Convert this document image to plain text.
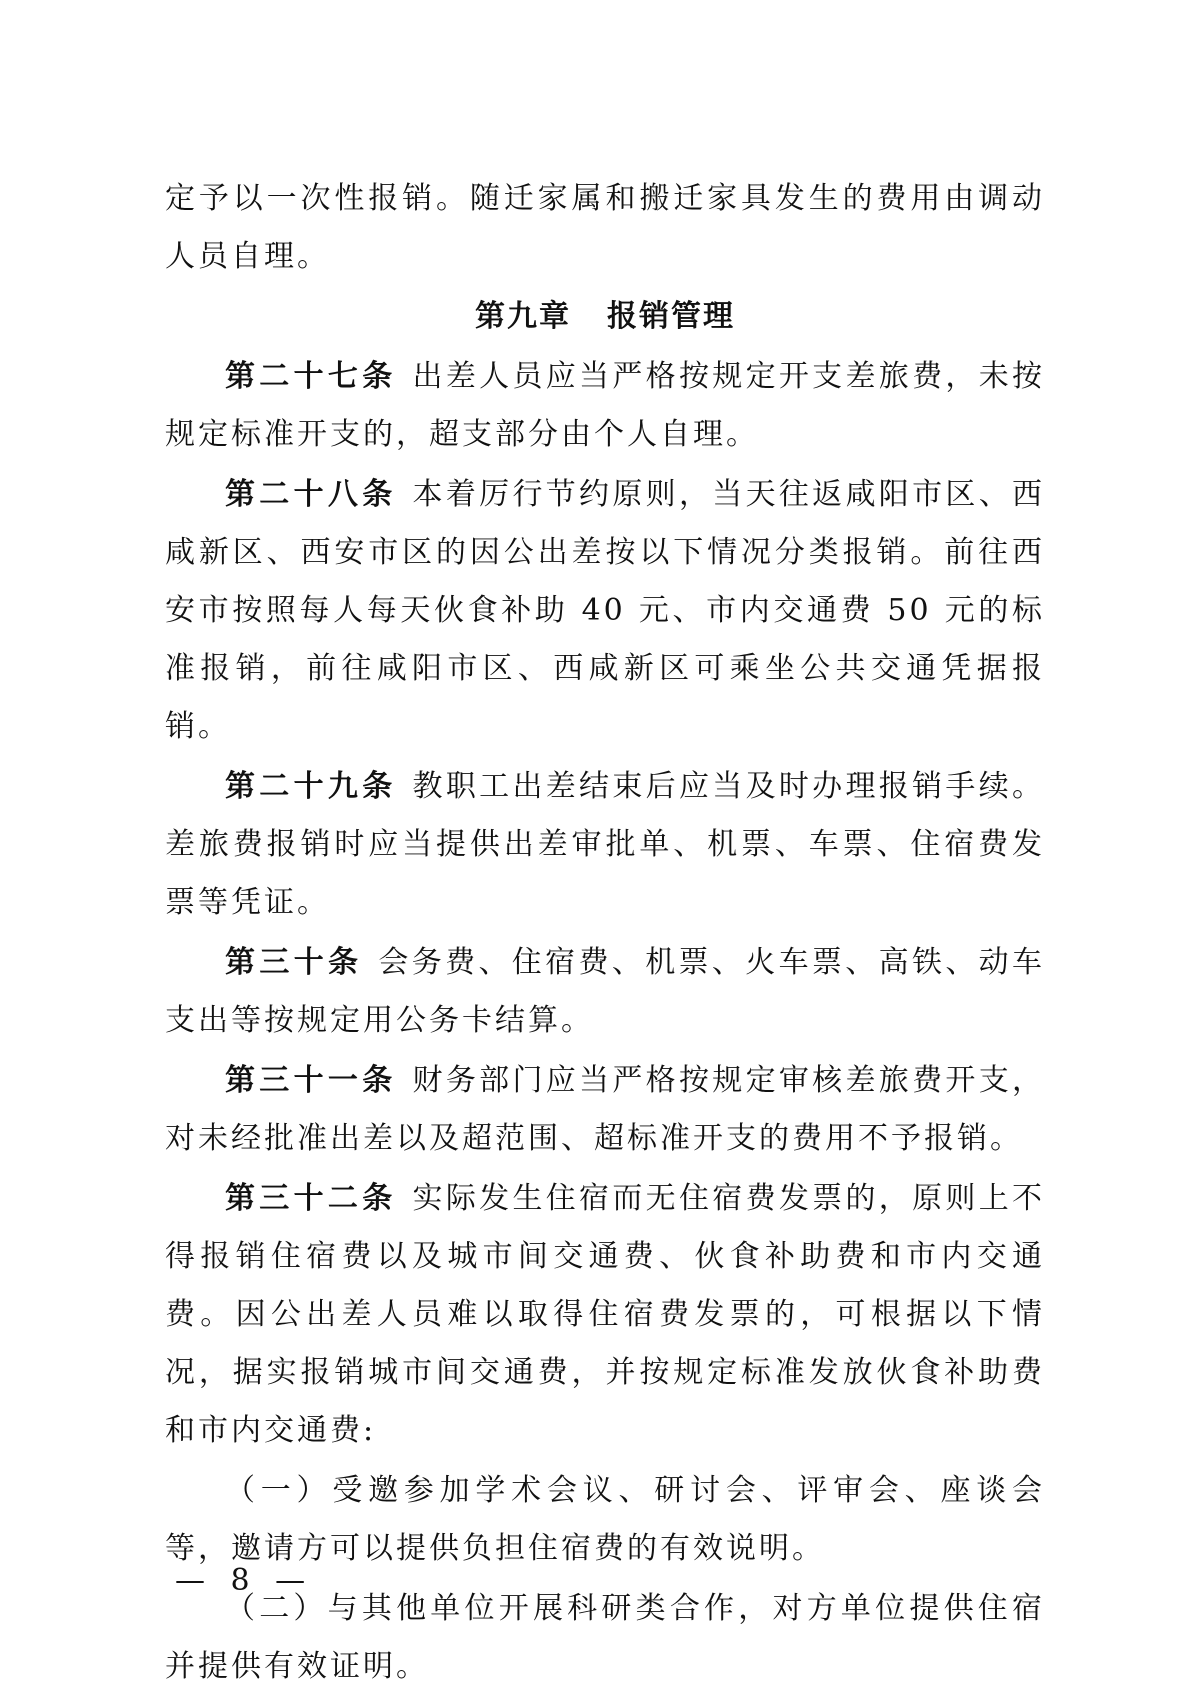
定予以一次性报销。随迁家属和搬迁家具发生的费用由调动人员自理。

第九章 报销管理

第二十七条 出差人员应当严格按规定开支差旅费，未按规定标准开支的，超支部分由个人自理。

第二十八条 本着厉行节约原则，当天往返咸阳市区、西咸新区、西安市区的因公出差按以下情况分类报销。前往西安市按照每人每天伙食补助 40 元、市内交通费 50 元的标准报销，前往咸阳市区、西咸新区可乘坐公共交通凭据报销。

第二十九条 教职工出差结束后应当及时办理报销手续。差旅费报销时应当提供出差审批单、机票、车票、住宿费发票等凭证。

第三十条 会务费、住宿费、机票、火车票、高铁、动车支出等按规定用公务卡结算。

第三十一条 财务部门应当严格按规定审核差旅费开支，对未经批准出差以及超范围、超标准开支的费用不予报销。

第三十二条 实际发生住宿而无住宿费发票的，原则上不得报销住宿费以及城市间交通费、伙食补助费和市内交通费。因公出差人员难以取得住宿费发票的，可根据以下情况，据实报销城市间交通费，并按规定标准发放伙食补助费和市内交通费:

（一）受邀参加学术会议、研讨会、评审会、座谈会等，邀请方可以提供负担住宿费的有效说明。

（二）与其他单位开展科研类合作，对方单位提供住宿并提供有效证明。

— 8 —
